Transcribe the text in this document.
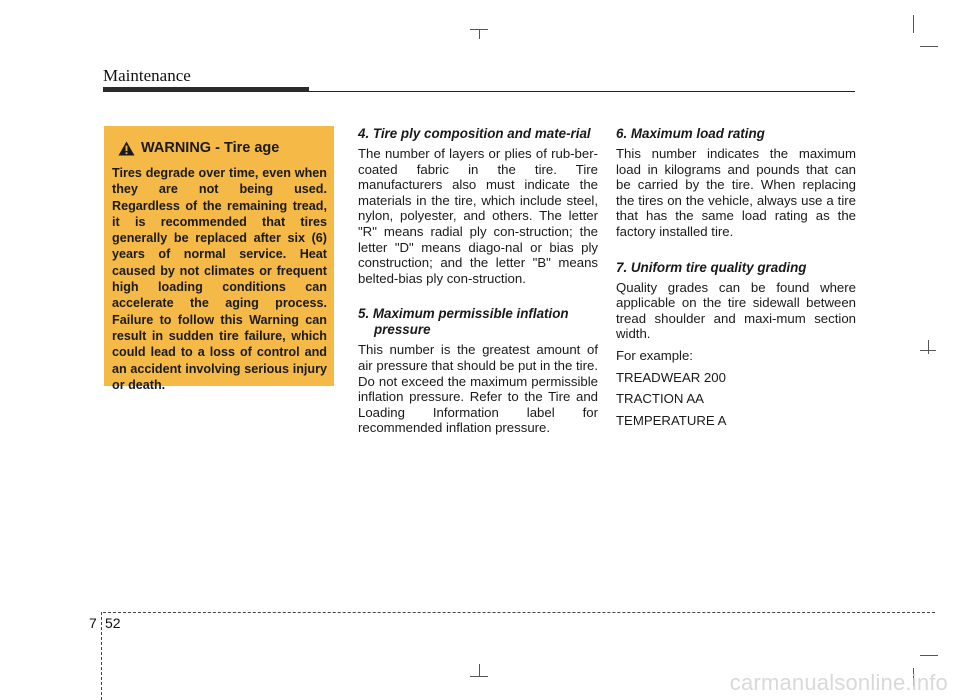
Maintenance
WARNING - Tire age
Tires degrade over time, even when they are not being used. Regardless of the remaining tread, it is recommended that tires generally be replaced after six (6) years of normal service. Heat caused by not climates or frequent high loading conditions can accelerate the aging process. Failure to follow this Warning can result in sudden tire failure, which could lead to a loss of control and an accident involving serious injury or death.

4. Tire ply composition and mate-rial

The number of layers or plies of rub-ber-coated fabric in the tire. Tire manufacturers also must indicate the materials in the tire, which include steel, nylon, polyester, and others. The letter "R" means radial ply con-struction; the letter "D" means diago-nal or bias ply construction; and the letter "B" means belted-bias ply con-struction.

5. Maximum permissible inflation pressure

This number is the greatest amount of air pressure that should be put in the tire. Do not exceed the maximum permissible inflation pressure. Refer to the Tire and Loading Information label for recommended inflation pressure.

6. Maximum load rating

This number indicates the maximum load in kilograms and pounds that can be carried by the tire. When replacing the tires on the vehicle, always use a tire that has the same load rating as the factory installed tire.

7. Uniform tire quality grading

Quality grades can be found where applicable on the tire sidewall between tread shoulder and maxi-mum section width.

For example:

TREADWEAR 200

TRACTION AA

TEMPERATURE A

7 52
carmanualsonline.info
